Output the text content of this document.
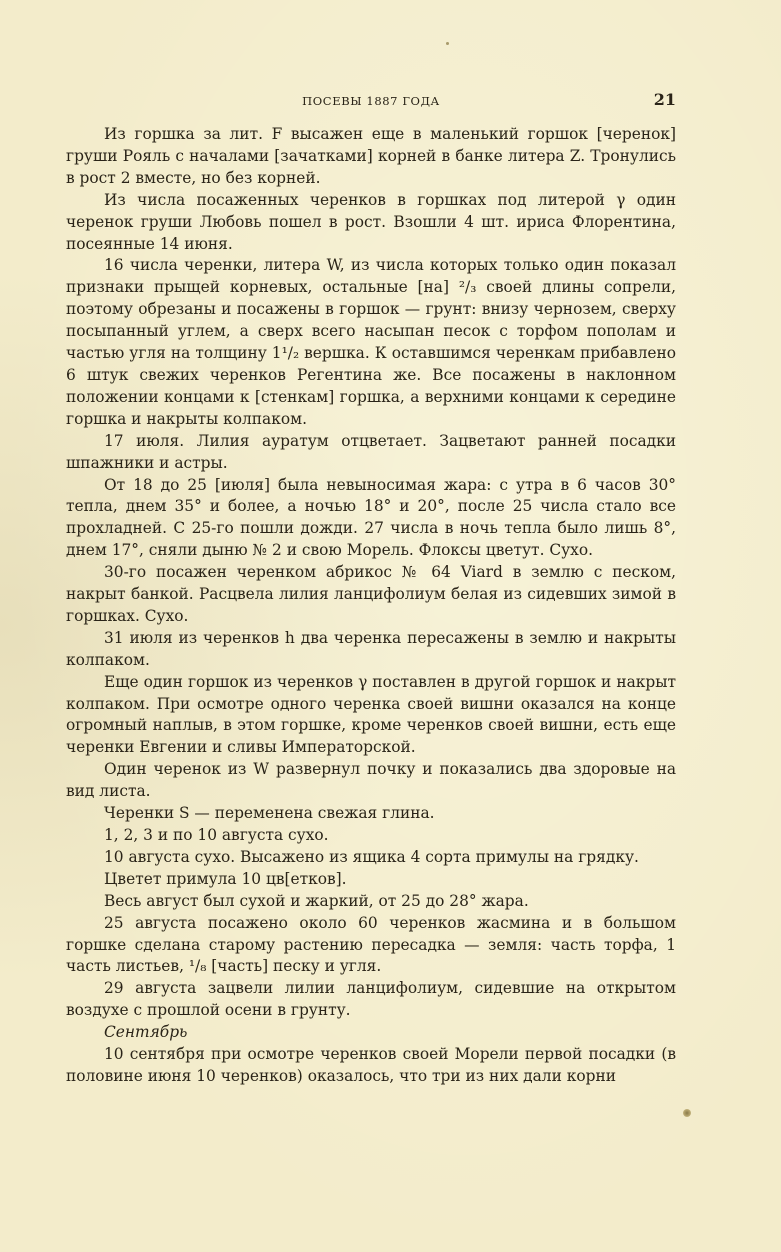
ПОСЕВЫ 1887 ГОДА	21

Из горшка за лит. F высажен еще в маленький горшок [черенок] груши Рояль с началами [зачатками] корней в банке литера Z. Тронулись в рост 2 вместе, но без корней.

Из числа посаженных черенков в горшках под литерой γ один черенок груши Любовь пошел в рост. Взошли 4 шт. ириса Флорентина, посеянные 14 июня.

16 числа черенки, литера W, из числа которых только один показал признаки прыщей корневых, остальные [на] ²/₃ своей длины сопрели, поэтому обрезаны и посажены в горшок — грунт: внизу чернозем, сверху посыпанный углем, а сверх всего насыпан песок с торфом пополам и частью угля на толщину 1¹/₂ вершка. К оставшимся черенкам прибавлено 6 штук свежих черенков Регентина же. Все посажены в наклонном положении концами к [стенкам] горшка, а верхними концами к середине горшка и накрыты колпаком.

17 июля. Лилия ауратум отцветает. Зацветают ранней посадки шпажники и астры.

От 18 до 25 [июля] была невыносимая жара: с утра в 6 часов 30° тепла, днем 35° и более, а ночью 18° и 20°, после 25 числа стало все прохладней. С 25-го пошли дожди. 27 числа в ночь тепла было лишь 8°, днем 17°, сняли дыню № 2 и свою Морель. Флоксы цветут. Сухо.

30-го посажен черенком абрикос № 64 Viard в землю с песком, накрыт банкой. Расцвела лилия ланцифолиум белая из сидевших зимой в горшках. Сухо.

31 июля из черенков h два черенка пересажены в землю и накрыты колпаком.

Еще один горшок из черенков γ поставлен в другой горшок и накрыт колпаком. При осмотре одного черенка своей вишни оказался на конце огромный наплыв, в этом горшке, кроме черенков своей вишни, есть еще черенки Евгении и сливы Императорской.

Один черенок из W развернул почку и показались два здоровые на вид листа.

Черенки S — переменена свежая глина.

1, 2, 3 и по 10 августа сухо.

10 августа сухо. Высажено из ящика 4 сорта примулы на грядку.

Цветет примула 10 цв[етков].

Весь август был сухой и жаркий, от 25 до 28° жара.

25 августа посажено около 60 черенков жасмина и в большом горшке сделана старому растению пересадка — земля: часть торфа, 1 часть листьев, ¹/₈ [часть] песку и угля.

29 августа зацвели лилии ланцифолиум, сидевшие на открытом воздухе с прошлой осени в грунту.

Сентябрь

10 сентября при осмотре черенков своей Морели первой посадки (в половине июня 10 черенков) оказалось, что три из них дали корни
